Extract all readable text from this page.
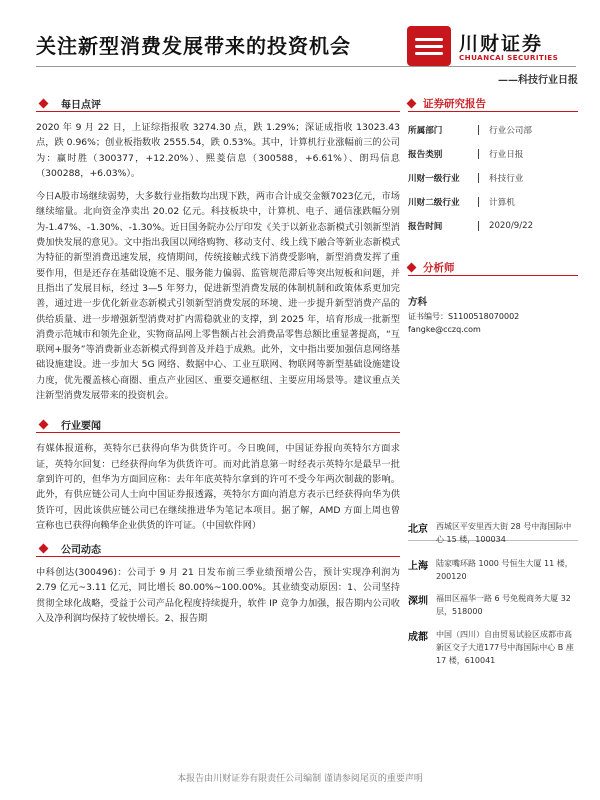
关注新型消费发展带来的投资机会	川财证券
CHUANCAI SECURITIES
——科技行业日报
每日点评

2020 年 9 月 22 日，上证综指报收 3274.30 点，跌 1.29%；深证成指收 13023.43 点，跌 0.96%；创业板指数收 2555.54，跌 0.53%。其中，计算机行业涨幅前三的公司为：赢时胜（300377，+12.20%）、熙菱信息（300588，+6.61%）、朗玛信息（300288，+6.03%）。

今日A股市场继续弱势，大多数行业指数均出现下跌，两市合计成交金额7023亿元，市场继续缩量。北向资金净卖出 20.02 亿元。科技板块中，计算机、电子、通信涨跌幅分别为-1.47%、-1.30%、-1.30%。近日国务院办公厅印发《关于以新业态新模式引领新型消费加快发展的意见》。文中指出我国以网络购物、移动支付、线上线下融合等新业态新模式为特征的新型消费迅速发展，疫情期间，传统接触式线下消费受影响，新型消费发挥了重要作用，但是还存在基础设施不足、服务能力偏弱、监管规范滞后等突出短板和问题，并且指出了发展目标，经过 3—5 年努力，促进新型消费发展的体制机制和政策体系更加完善，通过进一步优化新业态新模式引领新型消费发展的环境、进一步提升新型消费产品的供给质量、进一步增强新型消费对扩内需稳就业的支撑，到 2025 年，培育形成一批新型消费示范城市和领先企业，实物商品网上零售额占社会消费品零售总额比重显著提高，“互联网+服务”等消费新业态新模式得到普及并趋于成熟。此外，文中指出要加强信息网络基础设施建设。进一步加大 5G 网络、数据中心、工业互联网、物联网等新型基础设施建设力度，优先覆盖核心商圈、重点产业园区、重要交通枢纽、主要应用场景等。建议重点关注新型消费发展带来的投资机会。

行业要闻

有媒体报道称，英特尔已获得向华为供货许可。今日晚间，中国证券报向英特尔方面求证，英特尔回复：已经获得向华为供货许可。而对此消息第一时经表示英特尔是最早一批拿到许可的，但华为方面回应称：去年年底英特尔拿到的许可不受今年两次制裁的影响。此外，有供应链公司人士向中国证券报透露，英特尔方面向消息方表示已经获得向华为供货许可，因此该供应链公司已在继续推进华为笔记本项目。据了解，AMD 方面上周也曾宣称也已获得向赖华企业供货的许可证。（中国软件网）

公司动态

中科创达(300496)：公司于 9 月 21 日发布前三季业绩预增公告，预计实现净利润为 2.79 亿元~3.11 亿元，同比增长 80.00%~100.00%。其业绩变动原因：1、公司坚持贯彻全球化战略，受益于公司产品化程度持续提升，软件 IP 竞争力加强，报告期内公司收入及净利润均保持了较快增长。2、报告期

证券研究报告
所属部门	行业公司部
报告类别	行业日报
川财一级行业	科技行业
川财二级行业	计算机
报告时间	2020/9/22
分析师
方科
证书编号：S1100518070002
fangke@cczq.com
北京	西城区平安里西大街 28 号中海国际中心 15 楼，100034
上海	陆家嘴环路 1000 号恒生大厦 11 楼，200120
深圳	福田区福华一路 6 号免税商务大厦 32 层，518000
成都	中国（四川）自由贸易试验区成都市高新区交子大道177号中海国际中心 B 座 17 楼，610041
本报告由川财证券有限责任公司编制 谨请参阅尾页的重要声明
